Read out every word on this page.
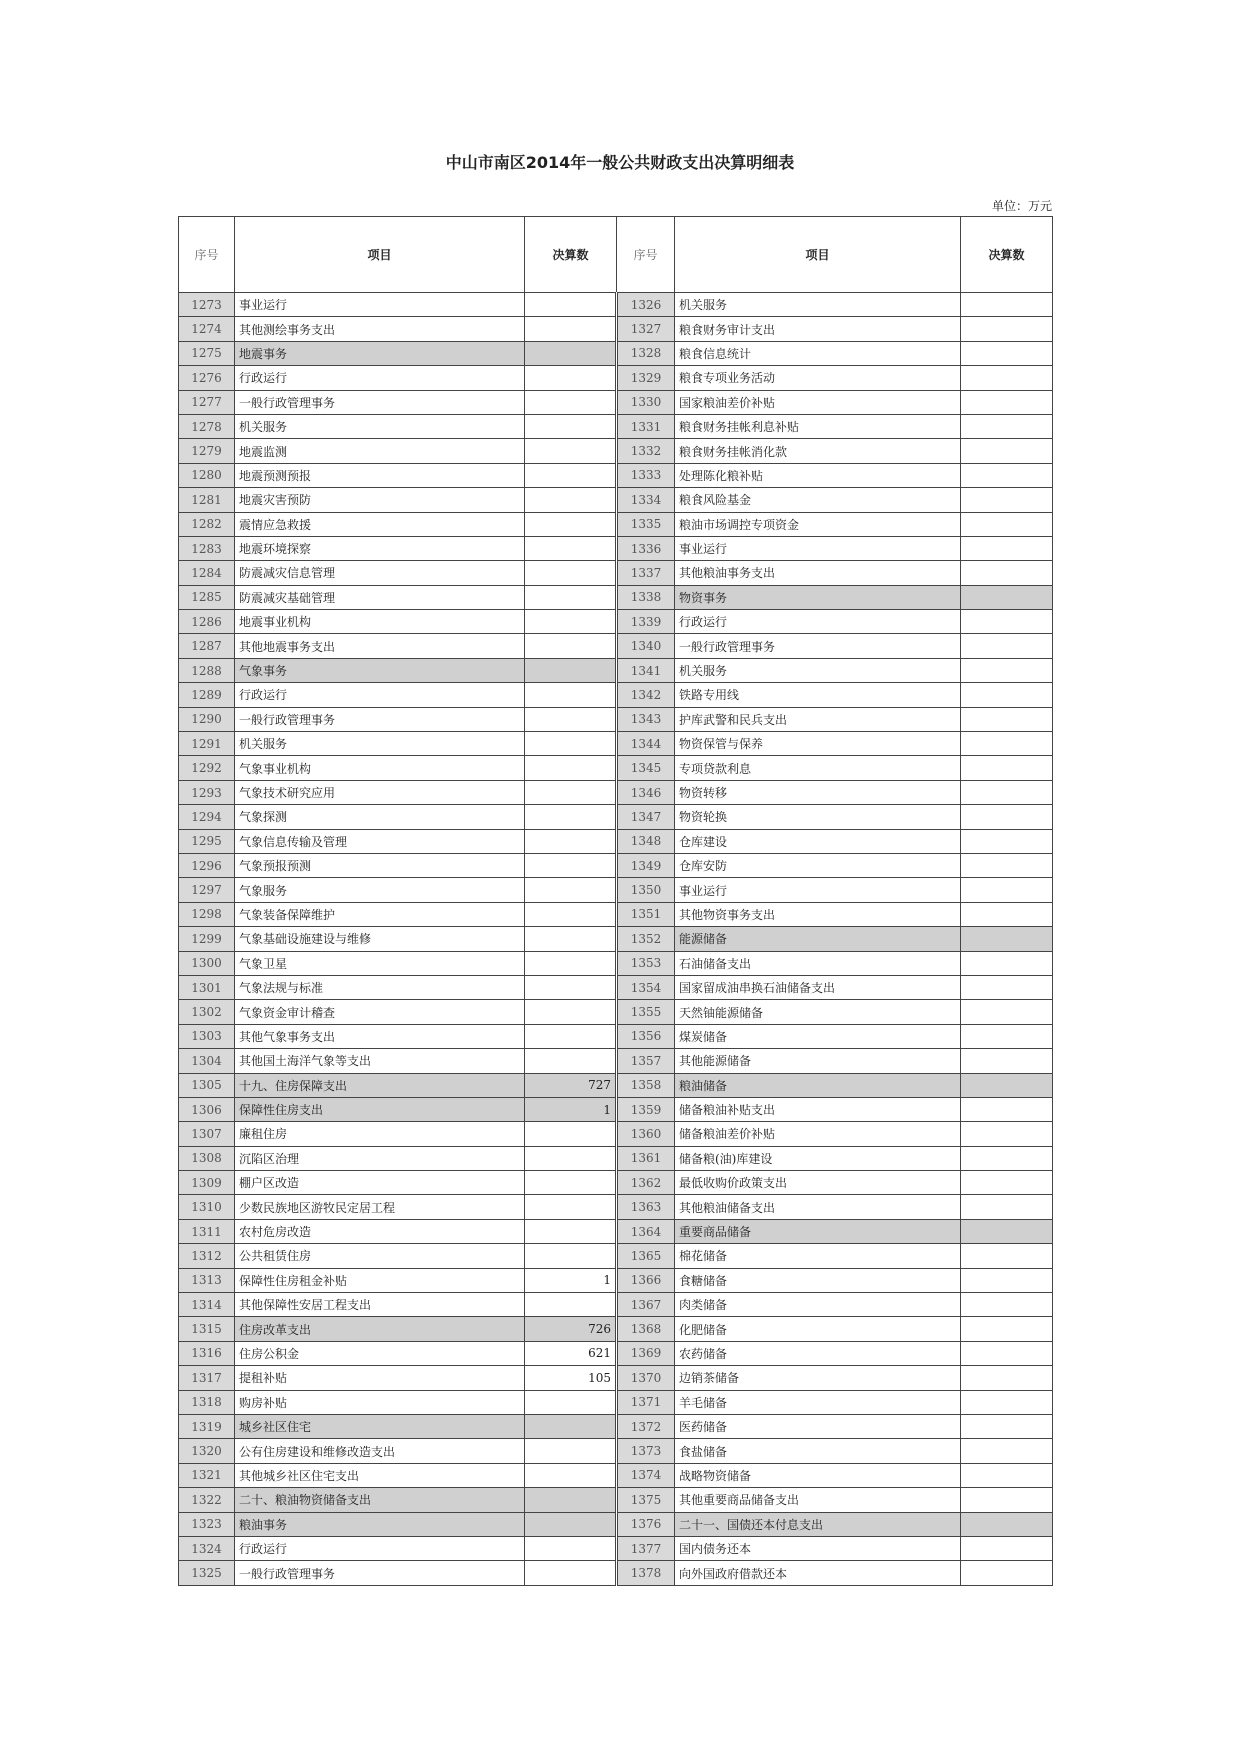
中山市南区2014年一般公共财政支出决算明细表
单位：万元
序号	项目	决算数	序号	项目	决算数
1273	事业运行		1326	机关服务	
1274	其他测绘事务支出		1327	粮食财务审计支出	
1275	地震事务		1328	粮食信息统计	
1276	行政运行		1329	粮食专项业务活动	
1277	一般行政管理事务		1330	国家粮油差价补贴	
1278	机关服务		1331	粮食财务挂帐利息补贴	
1279	地震监测		1332	粮食财务挂帐消化款	
1280	地震预测预报		1333	处理陈化粮补贴	
1281	地震灾害预防		1334	粮食风险基金	
1282	震情应急救援		1335	粮油市场调控专项资金	
1283	地震环境探察		1336	事业运行	
1284	防震减灾信息管理		1337	其他粮油事务支出	
1285	防震减灾基础管理		1338	物资事务	
1286	地震事业机构		1339	行政运行	
1287	其他地震事务支出		1340	一般行政管理事务	
1288	气象事务		1341	机关服务	
1289	行政运行		1342	铁路专用线	
1290	一般行政管理事务		1343	护库武警和民兵支出	
1291	机关服务		1344	物资保管与保养	
1292	气象事业机构		1345	专项贷款利息	
1293	气象技术研究应用		1346	物资转移	
1294	气象探测		1347	物资轮换	
1295	气象信息传输及管理		1348	仓库建设	
1296	气象预报预测		1349	仓库安防	
1297	气象服务		1350	事业运行	
1298	气象装备保障维护		1351	其他物资事务支出	
1299	气象基础设施建设与维修		1352	能源储备	
1300	气象卫星		1353	石油储备支出	
1301	气象法规与标准		1354	国家留成油串换石油储备支出	
1302	气象资金审计稽查		1355	天然铀能源储备	
1303	其他气象事务支出		1356	煤炭储备	
1304	其他国土海洋气象等支出		1357	其他能源储备	
1305	十九、住房保障支出	727	1358	粮油储备	
1306	保障性住房支出	1	1359	储备粮油补贴支出	
1307	廉租住房		1360	储备粮油差价补贴	
1308	沉陷区治理		1361	储备粮(油)库建设	
1309	棚户区改造		1362	最低收购价政策支出	
1310	少数民族地区游牧民定居工程		1363	其他粮油储备支出	
1311	农村危房改造		1364	重要商品储备	
1312	公共租赁住房		1365	棉花储备	
1313	保障性住房租金补贴	1	1366	食糖储备	
1314	其他保障性安居工程支出		1367	肉类储备	
1315	住房改革支出	726	1368	化肥储备	
1316	住房公积金	621	1369	农药储备	
1317	提租补贴	105	1370	边销茶储备	
1318	购房补贴		1371	羊毛储备	
1319	城乡社区住宅		1372	医药储备	
1320	公有住房建设和维修改造支出		1373	食盐储备	
1321	其他城乡社区住宅支出		1374	战略物资储备	
1322	二十、粮油物资储备支出		1375	其他重要商品储备支出	
1323	粮油事务		1376	二十一、国债还本付息支出	
1324	行政运行		1377	国内债务还本	
1325	一般行政管理事务		1378	向外国政府借款还本	
